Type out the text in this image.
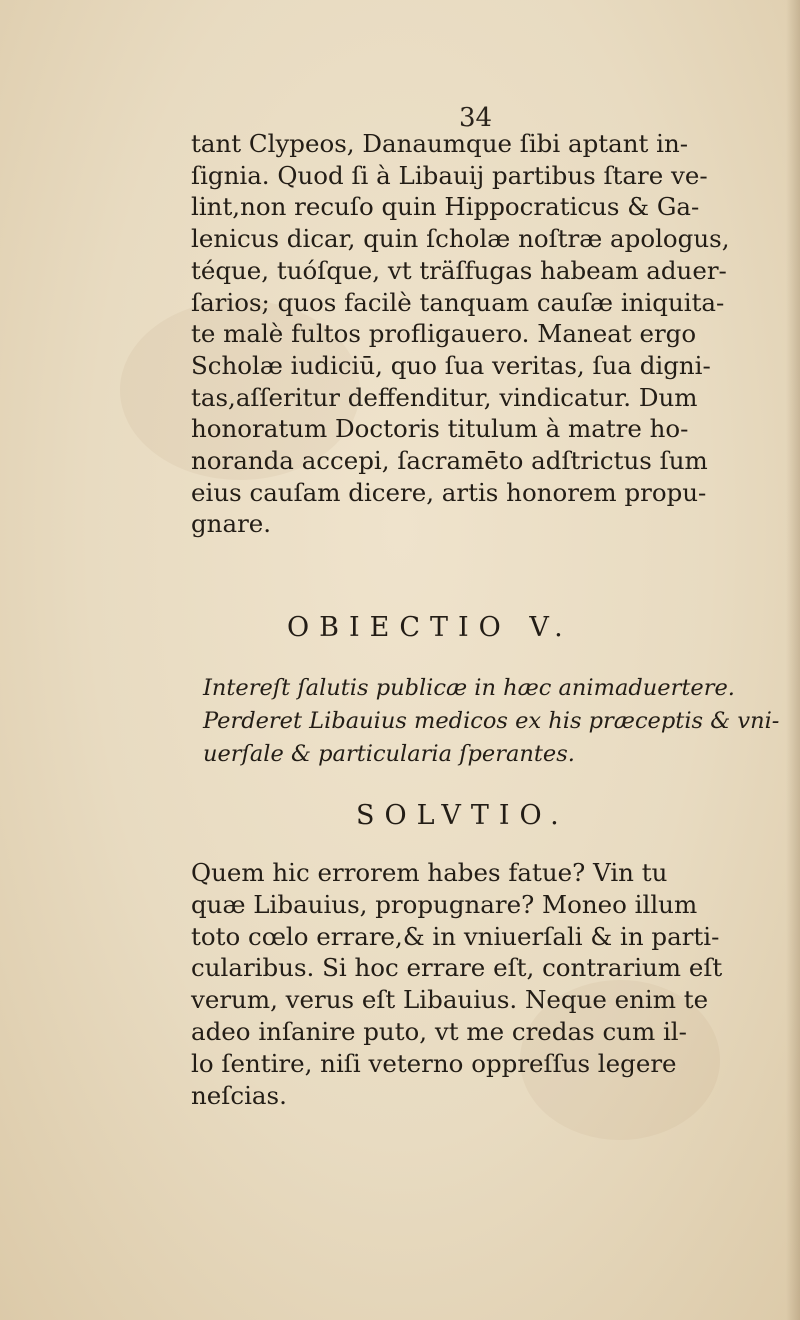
34
tant Clypeos, Danaumque ſibi aptant in-
ſignia. Quod ſi à Libauij partibus ſtare ve-
lint,non recuſo quin Hippocraticus & Ga-
lenicus dicar, quin ſcholæ noſtræ apologus,
téque, tuóſque, vt träſfugas habeam aduer-
ſarios; quos facilè tanquam cauſæ iniquita-
te malè fultos profligauero. Maneat ergo
Scholæ iudiciū, quo ſua veritas, ſua digni-
tas,aſſeritur deffenditur, vindicatur. Dum
honoratum Doctoris titulum à matre ho-
noranda accepi, ſacramēto adſtrictus ſum
eius cauſam dicere, artis honorem propu-
gnare.
OBIECTIO V.
Intereſt ſalutis publicæ in hæc animaduertere.
Perderet Libauius medicos ex his præceptis & vni-
uerſale & particularia ſperantes.
SOLVTIO.
Quem hic errorem habes fatue? Vin tu
quæ Libauius, propugnare? Moneo illum
toto cœlo errare,& in vniuerſali & in parti-
cularibus. Si hoc errare eſt, contrarium eſt
verum, verus eſt Libauius. Neque enim te
adeo inſanire puto, vt me credas cum il-
lo ſentire, niſi veterno oppreſſus legere
neſcias.
